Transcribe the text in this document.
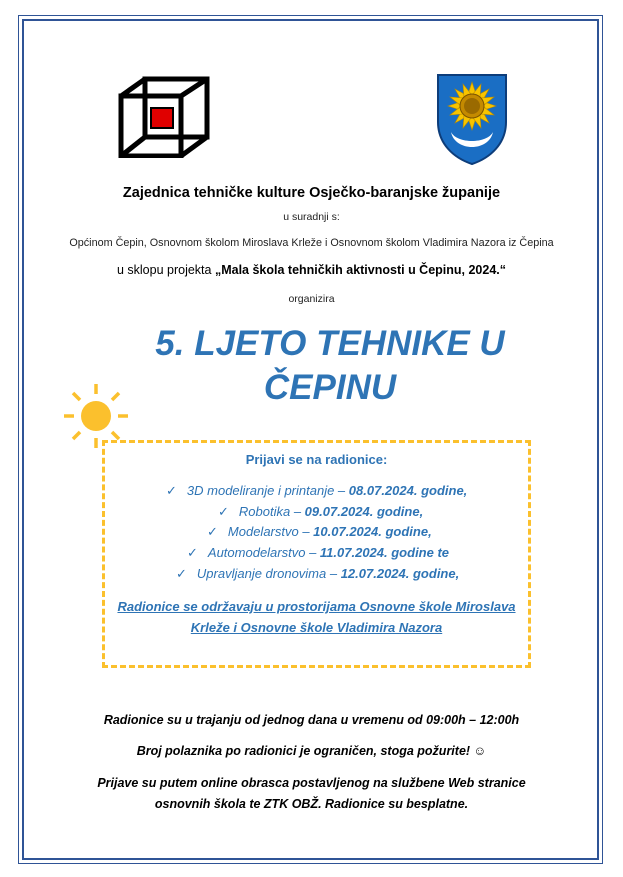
Zajednica tehničke kulture Osječko-baranjske županije
u suradnji s:
Općinom Čepin, Osnovnom školom Miroslava Krleže i Osnovnom školom Vladimira Nazora iz Čepina
u sklopu projekta „Mala škola tehničkih aktivnosti u Čepinu, 2024.“
organizira
5. LJETO TEHNIKE U
ČEPINU
Prijavi se na radionice:
✓ 3D modeliranje i printanje – 08.07.2024. godine,
✓ Robotika – 09.07.2024. godine,
✓ Modelarstvo – 10.07.2024. godine,
✓ Automodelarstvo – 11.07.2024. godine te
✓ Upravljanje dronovima – 12.07.2024. godine,
Radionice se održavaju u prostorijama Osnovne škole Miroslava
Krleže i Osnovne škole Vladimira Nazora
Radionice su u trajanju od jednog dana u vremenu od 09:00h – 12:00h
Broj polaznika po radionici je ograničen, stoga požurite! ☺
Prijave su putem online obrasca postavljenog na službene Web stranice
osnovnih škola te ZTK OBŽ. Radionice su besplatne.
